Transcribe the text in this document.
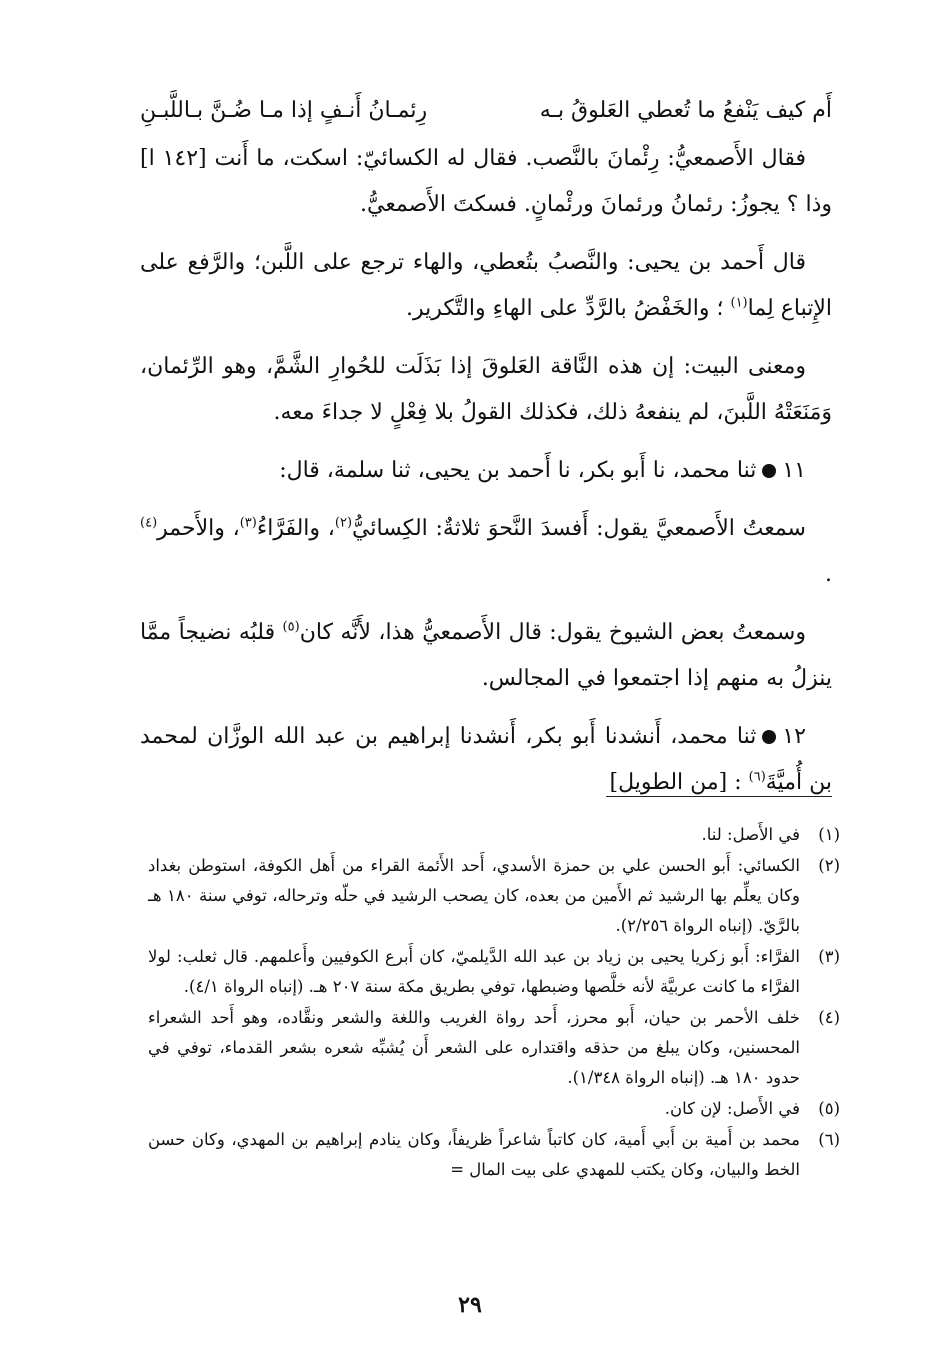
أَم كيف يَنْفعُ ما تُعطي العَلوقُ بـه
رِئمـانُ أَنـفٍ إذا مـا ضُـنَّ بـاللَّبـنِ

فقال الأَصمعيُّ: رِئْمانَ بالنَّصب. فقال له الكسائيّ: اسكت، ما أَنت [١٤٢ ا] وذا ؟ يجوزُ: رئمانُ ورئمانَ ورئْمانٍ. فسكتَ الأَصمعيُّ.

قال أَحمد بن يحيى: والنَّصبُ بتُعطي، والهاء ترجع على اللَّبن؛ والرَّفع على الإِتباع لِما$^{(١)}$ ؛ والخَفْضُ بالرَّدِّ على الهاءِ والتَّكرير.

ومعنى البيت: إن هذه النَّاقة العَلوقَ إذا بَذَلَت للحُوارِ الشَّمَّ، وهو الرِّئمان، وَمَنَعَتْهُ اللَّبنَ، لم ينفعهُ ذلك، فكذلك القولُ بلا فِعْلٍ لا جداءَ معه.

١١ثنا محمد، نا أَبو بكر، نا أَحمد بن يحيى، ثنا سلمة، قال:

سمعتُ الأَصمعيَّ يقول: أَفسدَ النَّحوَ ثلاثةٌ: الكِسائيُّ$^{(٢)}$، والفَرَّاءُ$^{(٣)}$، والأَحمر$^{(٤)}$ .

وسمعتُ بعض الشيوخ يقول: قال الأَصمعيُّ هذا، لأَنَّه كان$^{(٥)}$ قلبُه نضيجاً ممَّا ينزلُ به منهم إذا اجتمعوا في المجالس.

١٢ثنا محمد، أَنشدنا أَبو بكر، أَنشدنا إبراهيم بن عبد الله الوزَّان لمحمد بن أُميَّةَ$^{(٦)}$ : [من الطويل]

(١)
في الأَصل: لنا.
(٢)
الكسائي: أَبو الحسن علي بن حمزة الأسدي، أَحد الأَئمة القراء من أَهل الكوفة، استوطن بغداد وكان يعلِّم بها الرشيد ثم الأَمين من بعده، كان يصحب الرشيد في حلّه وترحاله، توفي سنة ١٨٠ هـ بالرَّيّ. (إنباه الرواة ٢/٢٥٦).
(٣)
الفرَّاء: أَبو زكريا يحيى بن زياد بن عبد الله الدَّيلميّ، كان أَبرع الكوفيين وأَعلمهم. قال ثعلب: لولا الفرَّاء ما كانت عربيَّة لأنه خلَّصها وضبطها، توفي بطريق مكة سنة ٢٠٧ هـ. (إنباه الرواة ٤/١).
(٤)
خلف الأحمر بن حيان، أَبو محرز، أَحد رواة الغريب واللغة والشعر ونقَّاده، وهو أَحد الشعراء المحسنين، وكان يبلغ من حذقه واقتداره على الشعر أَن يُشبِّه شعره بشعر القدماء، توفي في حدود ١٨٠ هـ. (إنباه الرواة ١/٣٤٨).
(٥)
في الأَصل: لإن كان.
(٦)
محمد بن أَمية بن أَبي أَمية، كان كاتباً شاعراً ظريفاً، وكان ينادم إبراهيم بن المهدي، وكان حسن الخط والبيان، وكان يكتب للمهدي على بيت المال =
٢٩
